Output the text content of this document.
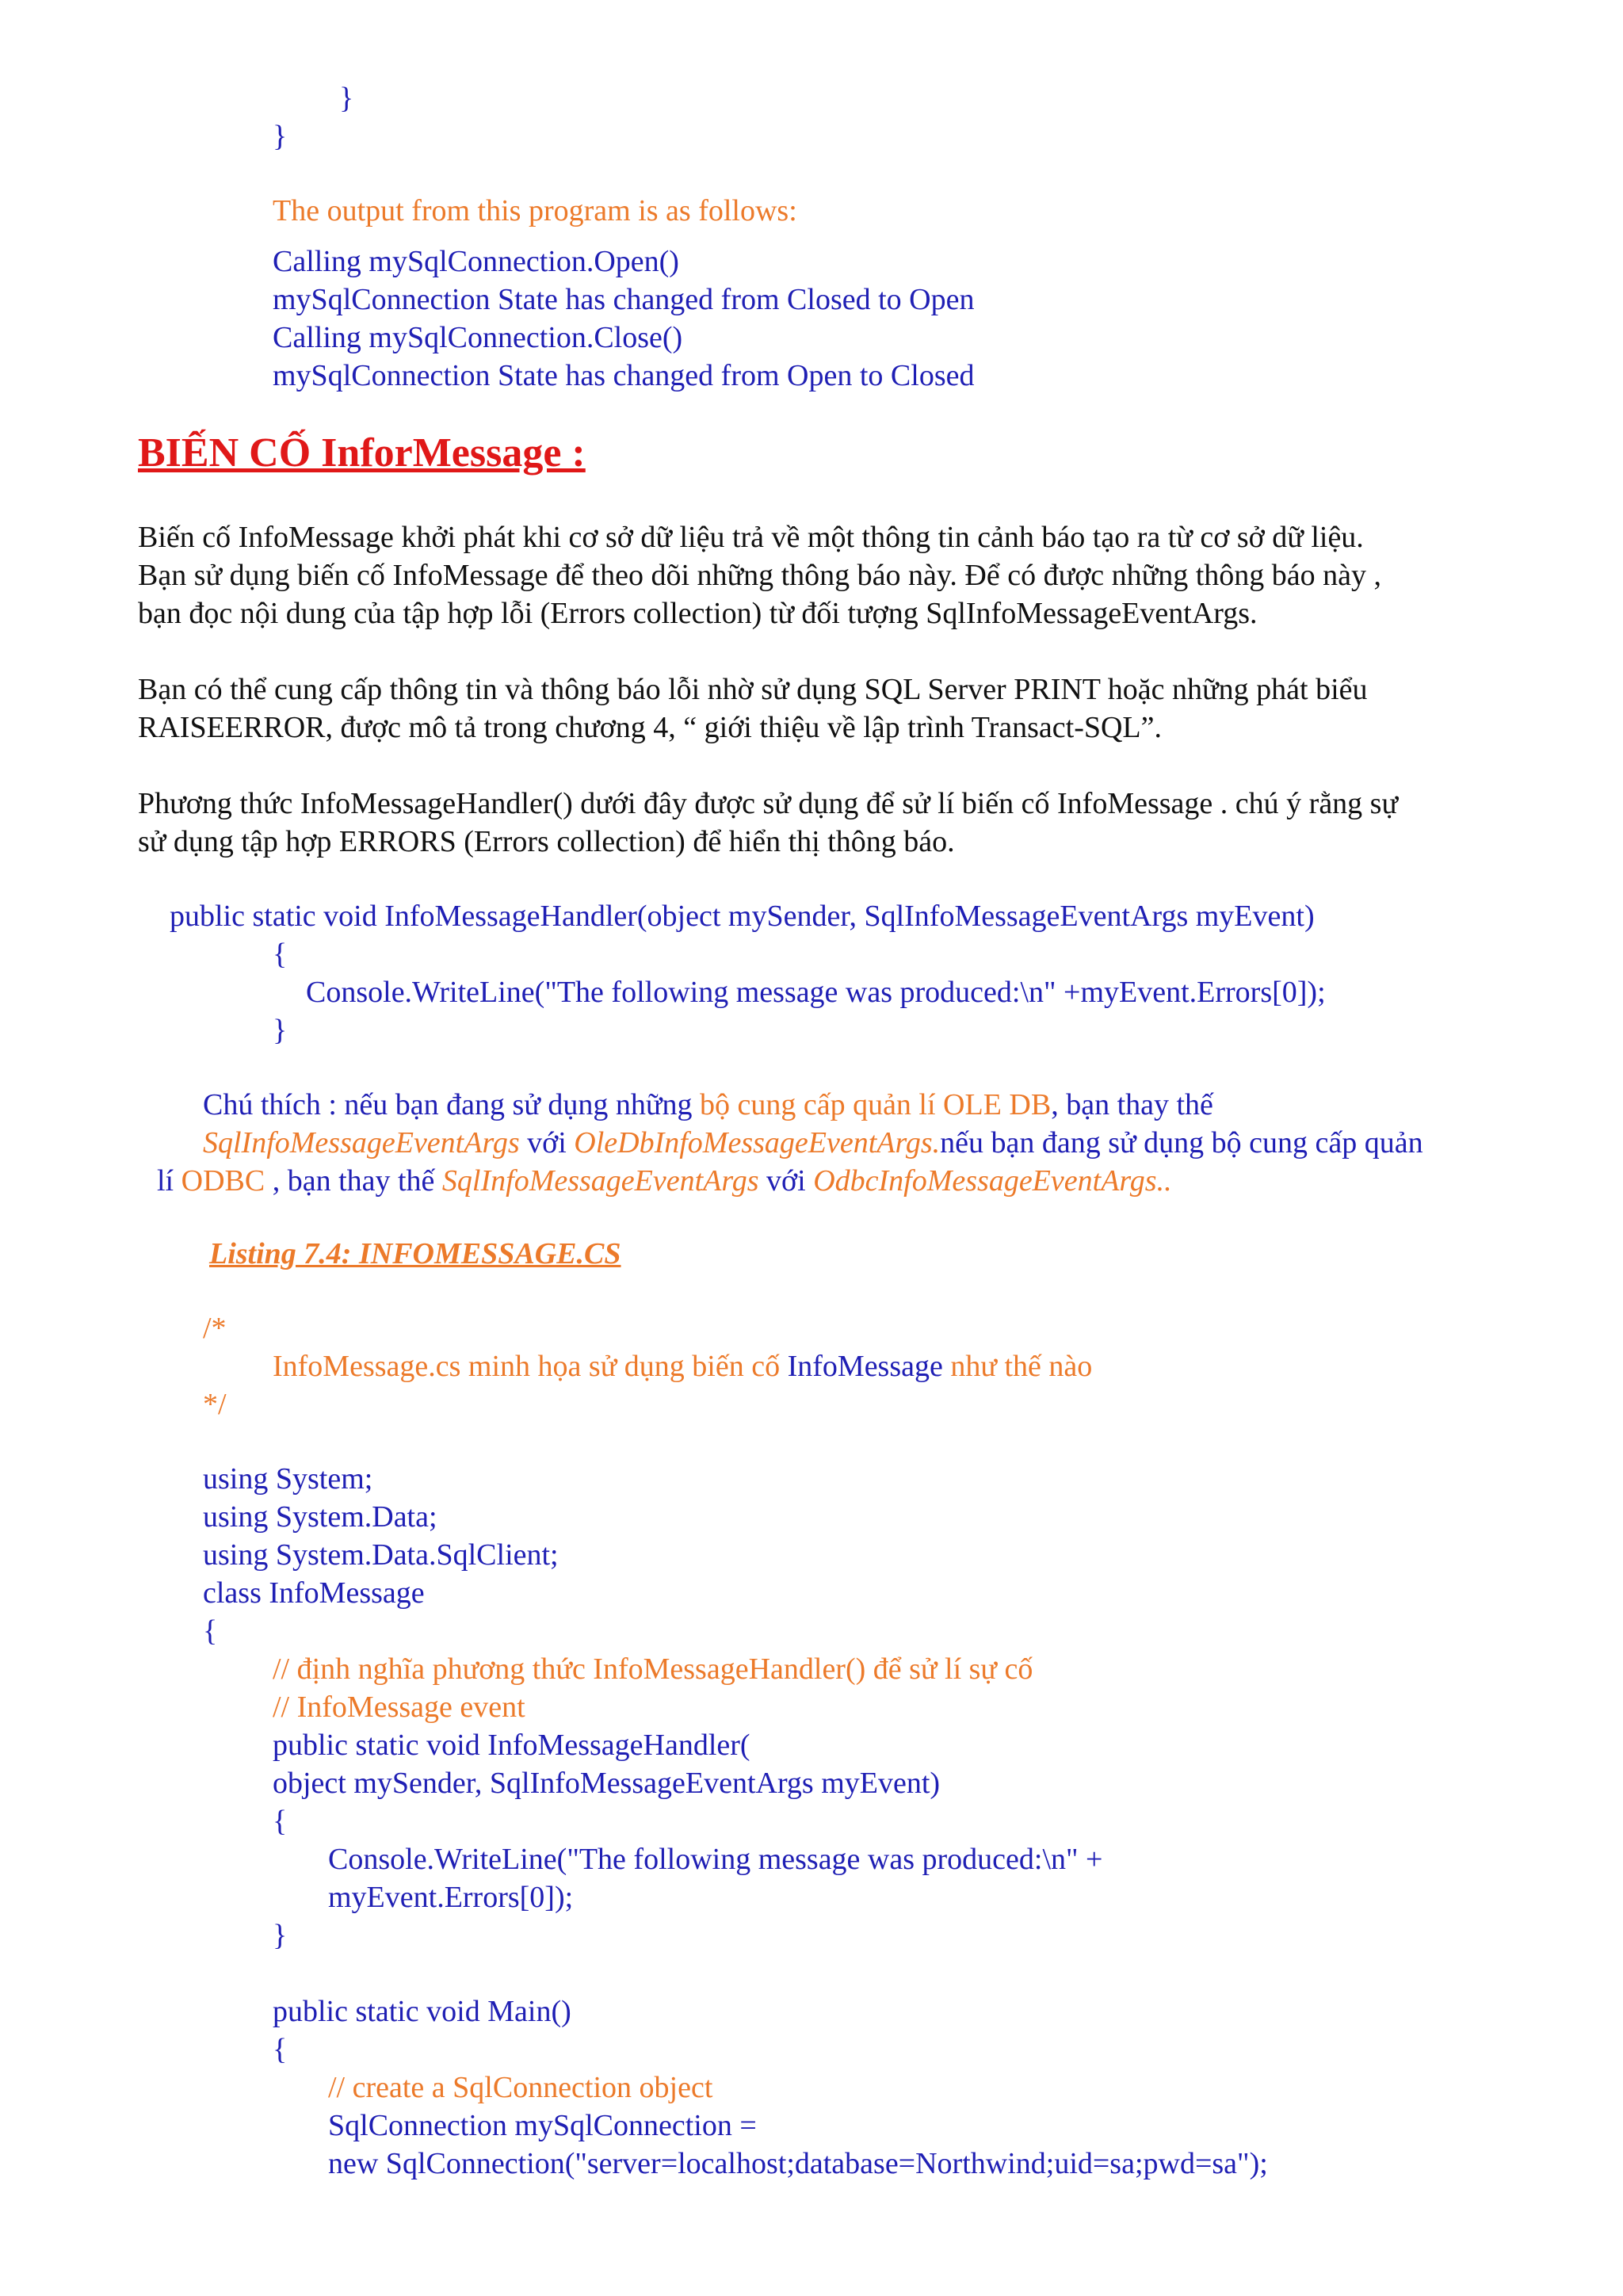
}

}

The output from this program is as follows:

Calling mySqlConnection.Open()

mySqlConnection State has changed from Closed to Open

Calling mySqlConnection.Close()

mySqlConnection State has changed from Open to Closed

BIẾN CỐ InforMessage :

Biến cố InfoMessage khởi phát khi cơ sở dữ liệu trả về một thông tin cảnh báo tạo ra từ cơ sở dữ liệu.

Bạn sử dụng biến cố InfoMessage để theo dõi những thông báo này. Để có được những thông báo này ,

bạn đọc nội dung của tập hợp lỗi (Errors collection) từ đối tượng SqlInfoMessageEventArgs.

Bạn có thể cung cấp thông tin và thông báo lỗi nhờ sử dụng SQL Server PRINT hoặc những phát biểu

RAISEERROR, được mô tả trong chương 4, “ giới thiệu về lập trình Transact-SQL”.

Phương thức InfoMessageHandler() dưới đây được sử dụng để sử lí biến cố InfoMessage . chú ý rằng sự

sử dụng tập hợp ERRORS (Errors collection) để hiển thị thông báo.

public static void InfoMessageHandler(object mySender, SqlInfoMessageEventArgs myEvent)

{

Console.WriteLine("The following message was produced:\n" +myEvent.Errors[0]);

}

Chú thích : nếu bạn đang sử dụng những bộ cung cấp quản lí OLE DB, bạn thay thế

SqlInfoMessageEventArgs với OleDbInfoMessageEventArgs.nếu bạn đang sử dụng bộ cung cấp quản

lí ODBC , bạn thay thế SqlInfoMessageEventArgs với OdbcInfoMessageEventArgs..

Listing 7.4: INFOMESSAGE.CS

/*

InfoMessage.cs minh họa sử dụng biến cố InfoMessage như thế nào

*/

using System;

using System.Data;

using System.Data.SqlClient;

class InfoMessage

{

// định nghĩa phương thức InfoMessageHandler() để sử lí sự cố

// InfoMessage event

public static void InfoMessageHandler(

object mySender, SqlInfoMessageEventArgs myEvent)

{

Console.WriteLine("The following message was produced:\n" +

myEvent.Errors[0]);

}

public static void Main()

{

// create a SqlConnection object

SqlConnection mySqlConnection =

new SqlConnection("server=localhost;database=Northwind;uid=sa;pwd=sa");
